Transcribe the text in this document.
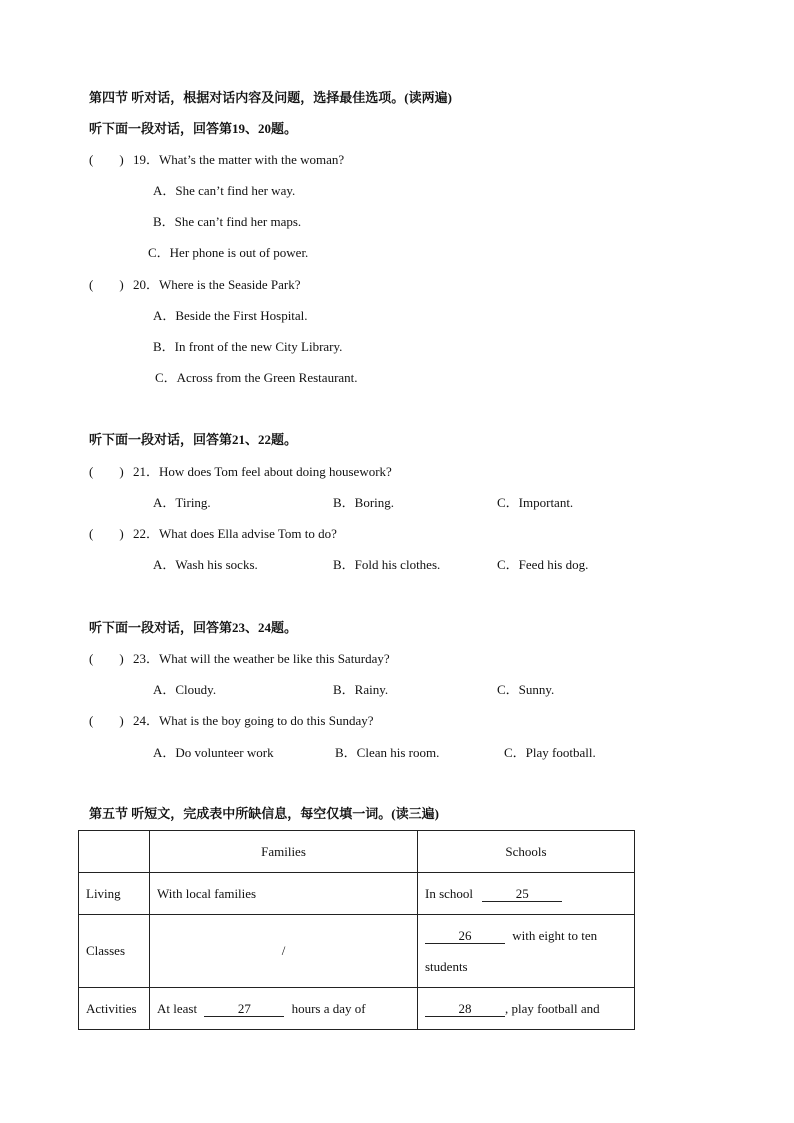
第四节 听对话，根据对话内容及问题，选择最佳选项。(读两遍)
听下面一段对话，回答第19、20题。
(　　) 19．What’s the matter with the woman?
A．She can’t find her way.
B．She can’t find her maps.
C．Her phone is out of power.
(　　) 20．Where is the Seaside Park?
A．Beside the First Hospital.
B．In front of the new City Library.
C．Across from the Green Restaurant.
听下面一段对话，回答第21、22题。
(　　) 21．How does Tom feel about doing housework?
A．Tiring.	B．Boring.	C．Important.
(　　) 22．What does Ella advise Tom to do?
A．Wash his socks.	B．Fold his clothes.	C．Feed his dog.
听下面一段对话，回答第23、24题。
(　　) 23．What will the weather be like this Saturday?
A．Cloudy.	B．Rainy.	C．Sunny.
(　　) 24．What is the boy going to do this Sunday?
A．Do volunteer work	B．Clean his room.	C．Play football.
第五节 听短文，完成表中所缺信息，每空仅填一词。(读三遍)
	Families	Schools
Living	With local families	In school 25
Classes	/	26 with eight to ten
students
Activities	At least 27 hours a day of	28 , play football and
